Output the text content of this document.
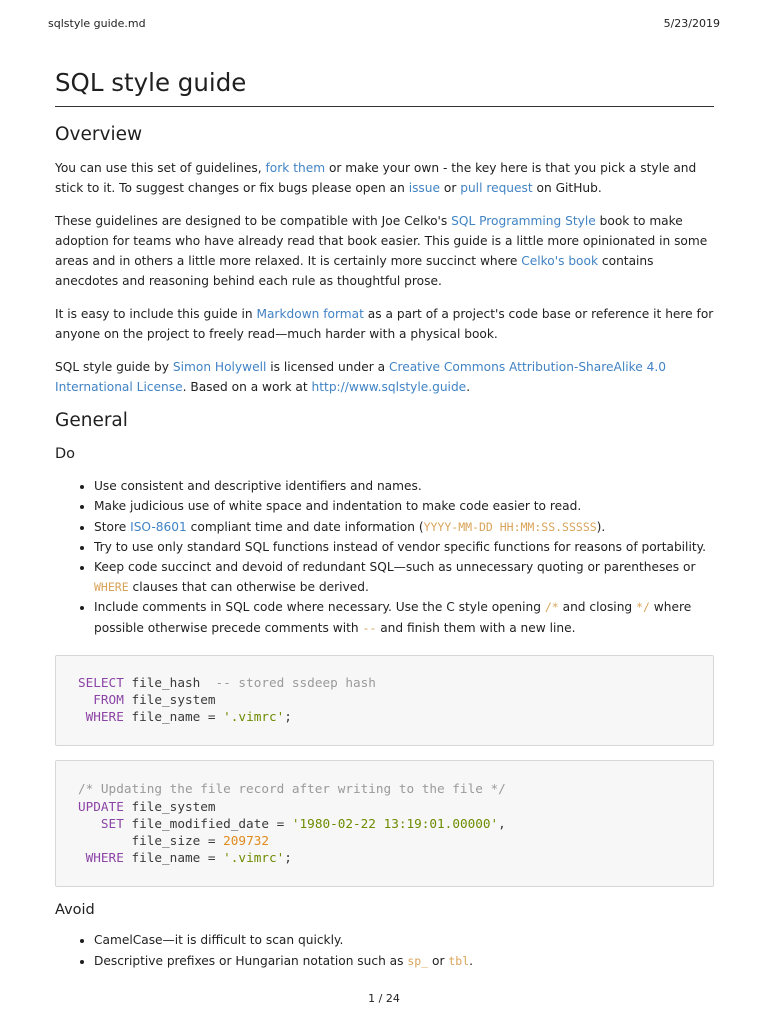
sqlstyle guide.md	5/23/2019
SQL style guide
Overview

You can use this set of guidelines, fork them or make your own - the key here is that you pick a style and stick to it. To suggest changes or fix bugs please open an issue or pull request on GitHub.

These guidelines are designed to be compatible with Joe Celko's SQL Programming Style book to make adoption for teams who have already read that book easier. This guide is a little more opinionated in some areas and in others a little more relaxed. It is certainly more succinct where Celko's book contains anecdotes and reasoning behind each rule as thoughtful prose.

It is easy to include this guide in Markdown format as a part of a project's code base or reference it here for anyone on the project to freely read—much harder with a physical book.

SQL style guide by Simon Holywell is licensed under a Creative Commons Attribution-ShareAlike 4.0 International License. Based on a work at http://www.sqlstyle.guide.

General
Do
• Use consistent and descriptive identifiers and names.
• Make judicious use of white space and indentation to make code easier to read.
• Store ISO-8601 compliant time and date information (YYYY-MM-DD HH:MM:SS.SSSSS).
• Try to use only standard SQL functions instead of vendor specific functions for reasons of portability.
• Keep code succinct and devoid of redundant SQL—such as unnecessary quoting or parentheses or WHERE clauses that can otherwise be derived.
• Include comments in SQL code where necessary. Use the C style opening /* and closing */ where possible otherwise precede comments with -- and finish them with a new line.
SELECT file_hash  -- stored ssdeep hash
FROM file_system
WHERE file_name = '.vimrc';
/* Updating the file record after writing to the file */
UPDATE file_system
SET file_modified_date = '1980-02-22 13:19:01.00000',
file_size = 209732
WHERE file_name = '.vimrc';
Avoid
• CamelCase—it is difficult to scan quickly.
• Descriptive prefixes or Hungarian notation such as sp_ or tbl.
1 / 24
